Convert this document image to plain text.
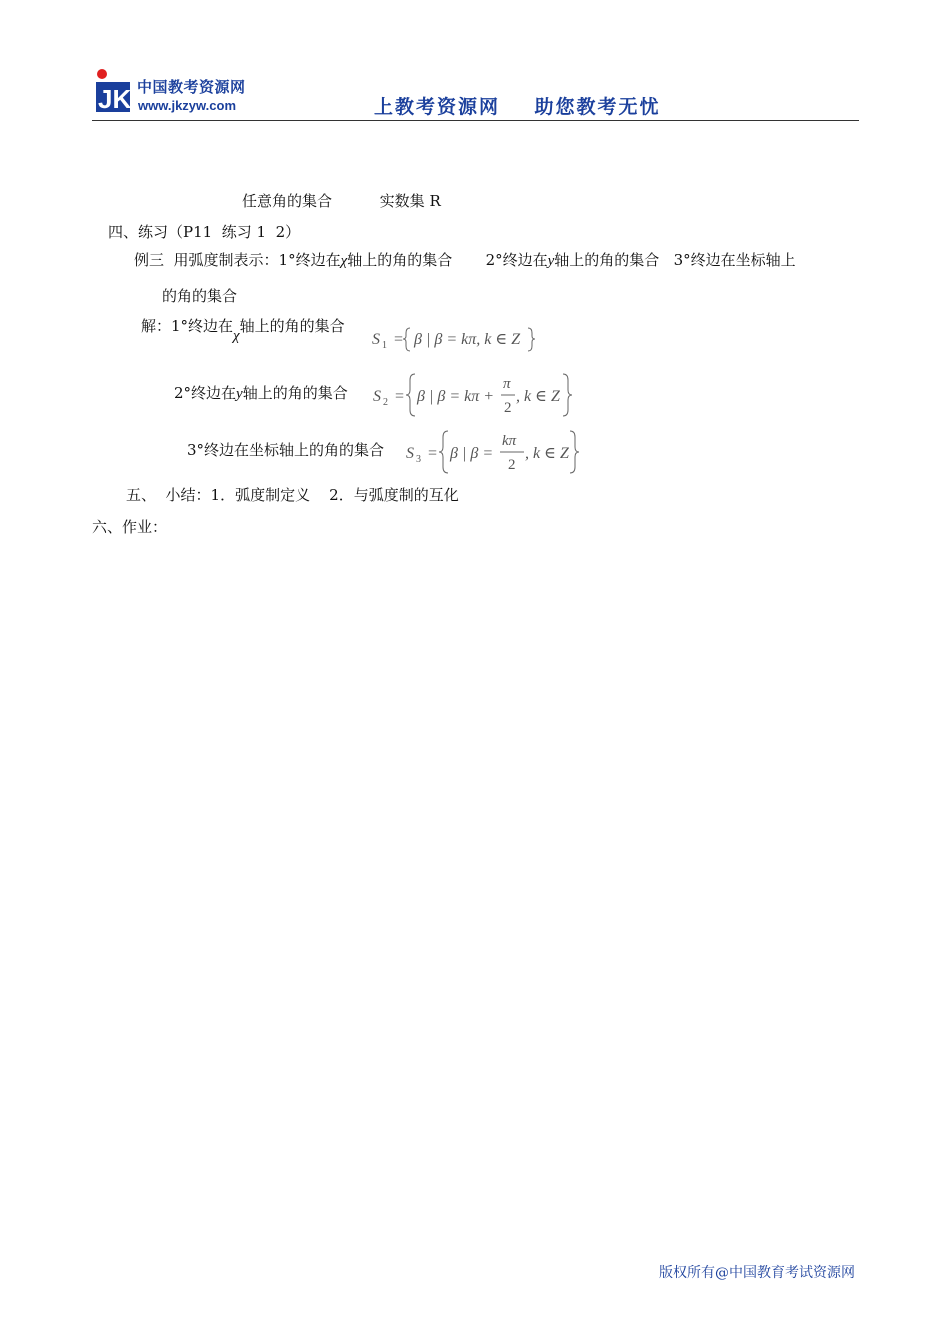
JK 中国教考资源网
www.jkzyw.com	上教考资源网    助您教考无忧
任意角的集合          实数集 R
四、练习（P11  练习 1  2）
例三  用弧度制表示：1°终边在χ轴上的角的集合       2°终边在y轴上的角的集合   3°终边在坐标轴上
的角的集合
解：1°终边在χ轴上的角的集合
S 1 = β | β = kπ, k ∈ Z
2°终边在y轴上的角的集合 S 2 = β | β = kπ +
π
2
, k ∈ Z
3°终边在坐标轴上的角的集合 S 3 = β | β =
kπ
2
, k ∈ Z
五、  小结：1．弧度制定义    2．与弧度制的互化
六、作业：
版权所有@中国教育考试资源网
